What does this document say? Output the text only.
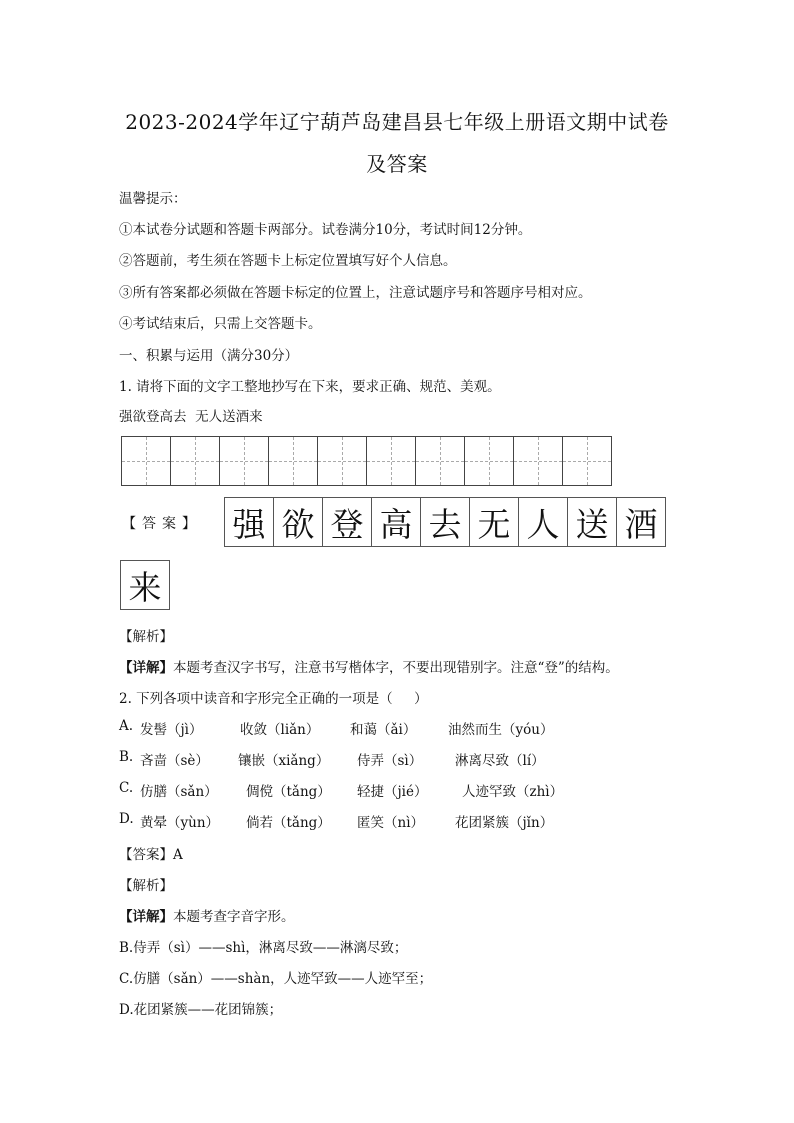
2023-2024学年辽宁葫芦岛建昌县七年级上册语文期中试卷
及答案
温馨提示：
①本试卷分试题和答题卡两部分。试卷满分10分，考试时间12分钟。
②答题前，考生须在答题卡上标定位置填写好个人信息。
③所有答案都必须做在答题卡标定的位置上，注意试题序号和答题序号相对应。
④考试结束后，只需上交答题卡。
一、积累与运用（满分30分）
1. 请将下面的文字工整地抄写在下来，要求正确、规范、美观。
强欲登高去  无人送酒来
【答案】 强 欲 登 高 去 无 人 送 酒
来
【解析】
【详解】本题考查汉字书写，注意书写楷体字，不要出现错别字。注意“登”的结构。
2. 下列各项中读音和字形完全正确的一项是（     ）
A. 发髻（jì）	收敛（liǎn） 和蔼（ǎi） 油然而生（yóu）
B. 吝啬（sè） 镶嵌（xiǎng） 侍弄（sì） 淋离尽致（lí）
C. 仿膳（sǎn） 倜傥（tǎng） 轻捷（jié）	人迹罕致（zhì）
D. 黄晕（yùn） 倘若（tǎng） 匿笑（nì） 花团紧簇（jǐn）
【答案】A
【解析】
【详解】本题考查字音字形。
B.侍弄（sì）——shì，淋离尽致——淋漓尽致；
C.仿膳（sǎn）——shàn，人迹罕致——人迹罕至；
D.花团紧簇——花团锦簇；
